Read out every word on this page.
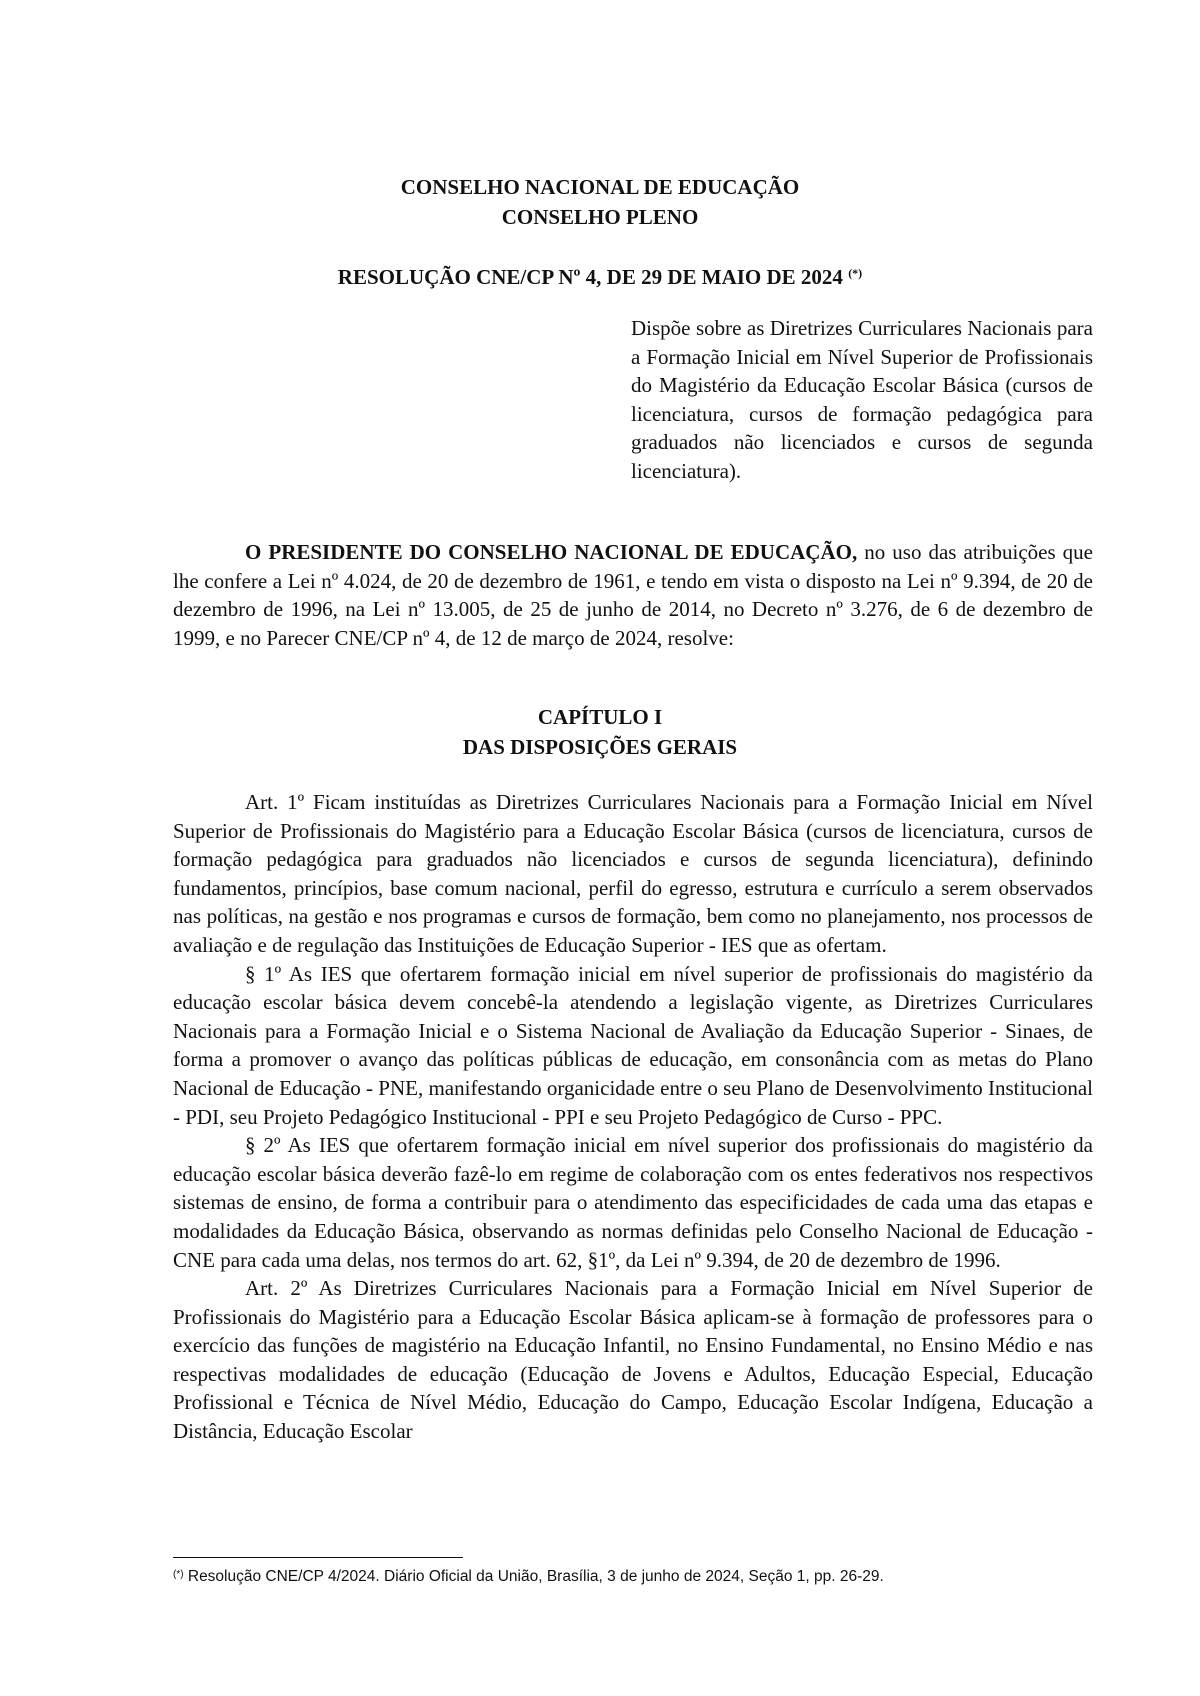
CONSELHO NACIONAL DE EDUCAÇÃO
CONSELHO PLENO
RESOLUÇÃO CNE/CP Nº 4, DE 29 DE MAIO DE 2024 (*)
Dispõe sobre as Diretrizes Curriculares Nacionais para a Formação Inicial em Nível Superior de Profissionais do Magistério da Educação Escolar Básica (cursos de licenciatura, cursos de formação pedagógica para graduados não licenciados e cursos de segunda licenciatura).

O PRESIDENTE DO CONSELHO NACIONAL DE EDUCAÇÃO, no uso das atribuições que lhe confere a Lei nº 4.024, de 20 de dezembro de 1961, e tendo em vista o disposto na Lei nº 9.394, de 20 de dezembro de 1996, na Lei nº 13.005, de 25 de junho de 2014, no Decreto nº 3.276, de 6 de dezembro de 1999, e no Parecer CNE/CP nº 4, de 12 de março de 2024, resolve:

CAPÍTULO I
DAS DISPOSIÇÕES GERAIS

Art. 1º Ficam instituídas as Diretrizes Curriculares Nacionais para a Formação Inicial em Nível Superior de Profissionais do Magistério para a Educação Escolar Básica (cursos de licenciatura, cursos de formação pedagógica para graduados não licenciados e cursos de segunda licenciatura), definindo fundamentos, princípios, base comum nacional, perfil do egresso, estrutura e currículo a serem observados nas políticas, na gestão e nos programas e cursos de formação, bem como no planejamento, nos processos de avaliação e de regulação das Instituições de Educação Superior - IES que as ofertam.

§ 1º As IES que ofertarem formação inicial em nível superior de profissionais do magistério da educação escolar básica devem concebê-la atendendo a legislação vigente, as Diretrizes Curriculares Nacionais para a Formação Inicial e o Sistema Nacional de Avaliação da Educação Superior - Sinaes, de forma a promover o avanço das políticas públicas de educação, em consonância com as metas do Plano Nacional de Educação - PNE, manifestando organicidade entre o seu Plano de Desenvolvimento Institucional - PDI, seu Projeto Pedagógico Institucional - PPI e seu Projeto Pedagógico de Curso - PPC.

§ 2º As IES que ofertarem formação inicial em nível superior dos profissionais do magistério da educação escolar básica deverão fazê-lo em regime de colaboração com os entes federativos nos respectivos sistemas de ensino, de forma a contribuir para o atendimento das especificidades de cada uma das etapas e modalidades da Educação Básica, observando as normas definidas pelo Conselho Nacional de Educação - CNE para cada uma delas, nos termos do art. 62, §1º, da Lei nº 9.394, de 20 de dezembro de 1996.

Art. 2º As Diretrizes Curriculares Nacionais para a Formação Inicial em Nível Superior de Profissionais do Magistério para a Educação Escolar Básica aplicam-se à formação de professores para o exercício das funções de magistério na Educação Infantil, no Ensino Fundamental, no Ensino Médio e nas respectivas modalidades de educação (Educação de Jovens e Adultos, Educação Especial, Educação Profissional e Técnica de Nível Médio, Educação do Campo, Educação Escolar Indígena, Educação a Distância, Educação Escolar

(*) Resolução CNE/CP 4/2024. Diário Oficial da União, Brasília, 3 de junho de 2024, Seção 1, pp. 26-29.
